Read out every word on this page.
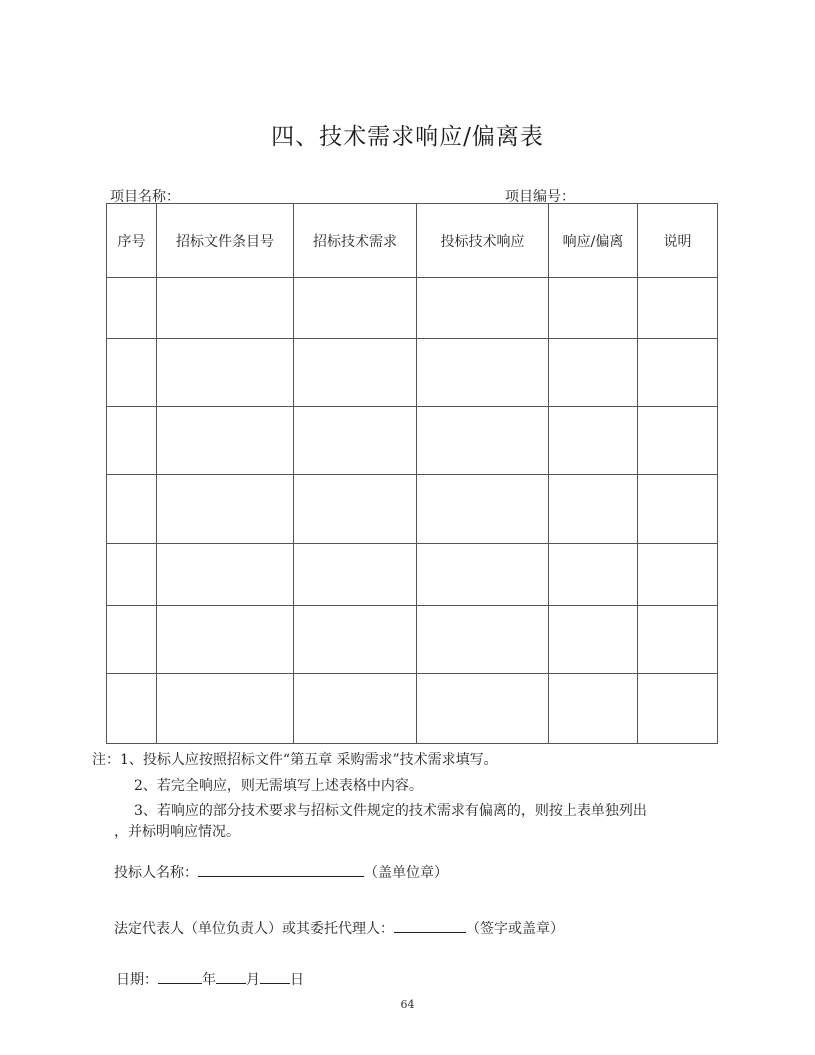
四、技术需求响应/偏离表
项目名称：	项目编号：
序号	招标文件条目号	招标技术需求	投标技术响应	响应/偏离	说明

注：1、投标人应按照招标文件“第五章 采购需求”技术需求填写。
2、若完全响应，则无需填写上述表格中内容。
3、若响应的部分技术要求与招标文件规定的技术需求有偏离的，则按上表单独列出
，并标明响应情况。
投标人名称：	（盖单位章）
法定代表人（单位负责人）或其委托代理人：	（签字或盖章）
日期：	年 月 日
64
